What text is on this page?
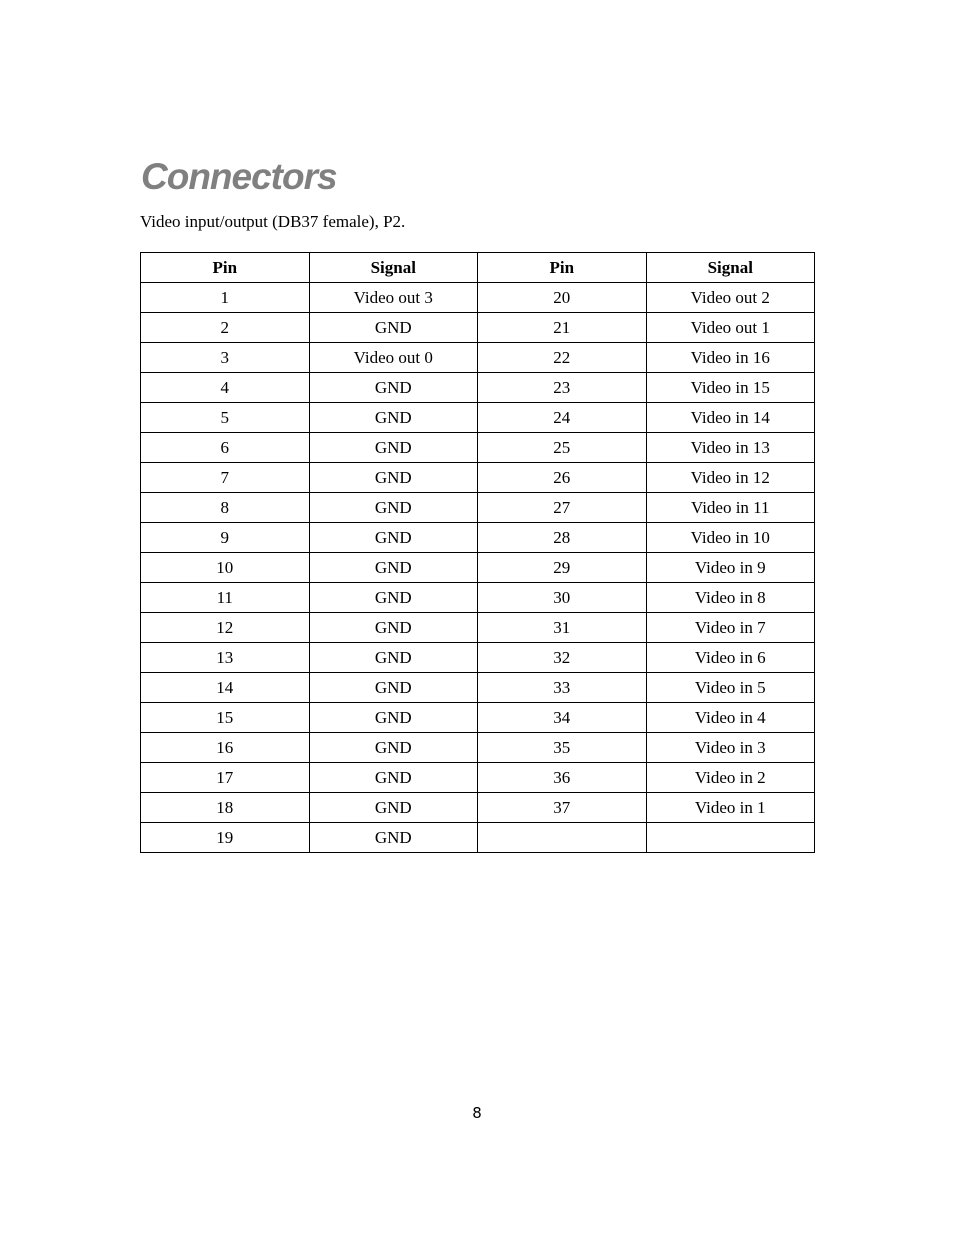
Connectors

Video input/output (DB37 female), P2.

Pin	Signal	Pin	Signal
1	Video out 3	20	Video out 2
2	GND	21	Video out 1
3	Video out 0	22	Video in 16
4	GND	23	Video in 15
5	GND	24	Video in 14
6	GND	25	Video in 13
7	GND	26	Video in 12
8	GND	27	Video in 11
9	GND	28	Video in 10
10	GND	29	Video in 9
11	GND	30	Video in 8
12	GND	31	Video in 7
13	GND	32	Video in 6
14	GND	33	Video in 5
15	GND	34	Video in 4
16	GND	35	Video in 3
17	GND	36	Video in 2
18	GND	37	Video in 1
19	GND		
8
